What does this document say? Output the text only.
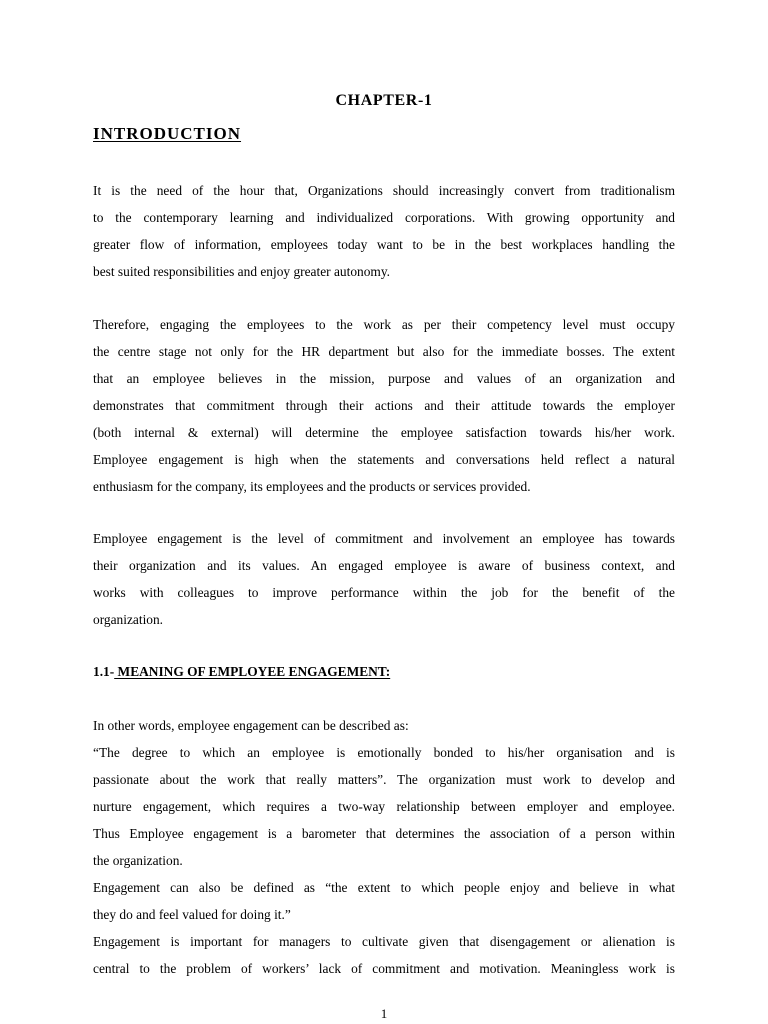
CHAPTER-1
INTRODUCTION

It is the need of the hour that, Organizations should increasingly convert from traditionalism
to the contemporary learning and individualized corporations. With growing opportunity and
greater flow of information, employees today want to be in the best workplaces handling the
best suited responsibilities and enjoy greater autonomy.

Therefore, engaging the employees to the work as per their competency level must occupy
the centre stage not only for the HR department but also for the immediate bosses. The extent
that an employee believes in the mission, purpose and values of an organization and
demonstrates that commitment through their actions and their attitude towards the employer
(both internal & external) will determine the employee satisfaction towards his/her work.
Employee engagement is high when the statements and conversations held reflect a natural
enthusiasm for the company, its employees and the products or services provided.

Employee engagement is the level of commitment and involvement an employee has towards
their organization and its values. An engaged employee is aware of business context, and
works with colleagues to improve performance within the job for the benefit of the
organization.

1.1- MEANING OF EMPLOYEE ENGAGEMENT:

In other words, employee engagement can be described as:
“The degree to which an employee is emotionally bonded to his/her organisation and is
passionate about the work that really matters”. The organization must work to develop and
nurture engagement, which requires a two-way relationship between employer and employee.
Thus Employee engagement is a barometer that determines the association of a person within
the organization.
Engagement can also be defined as “the extent to which people enjoy and believe in what
they do and feel valued for doing it.”
Engagement is important for managers to cultivate given that disengagement or alienation is
central to the problem of workers’ lack of commitment and motivation. Meaningless work is

1
